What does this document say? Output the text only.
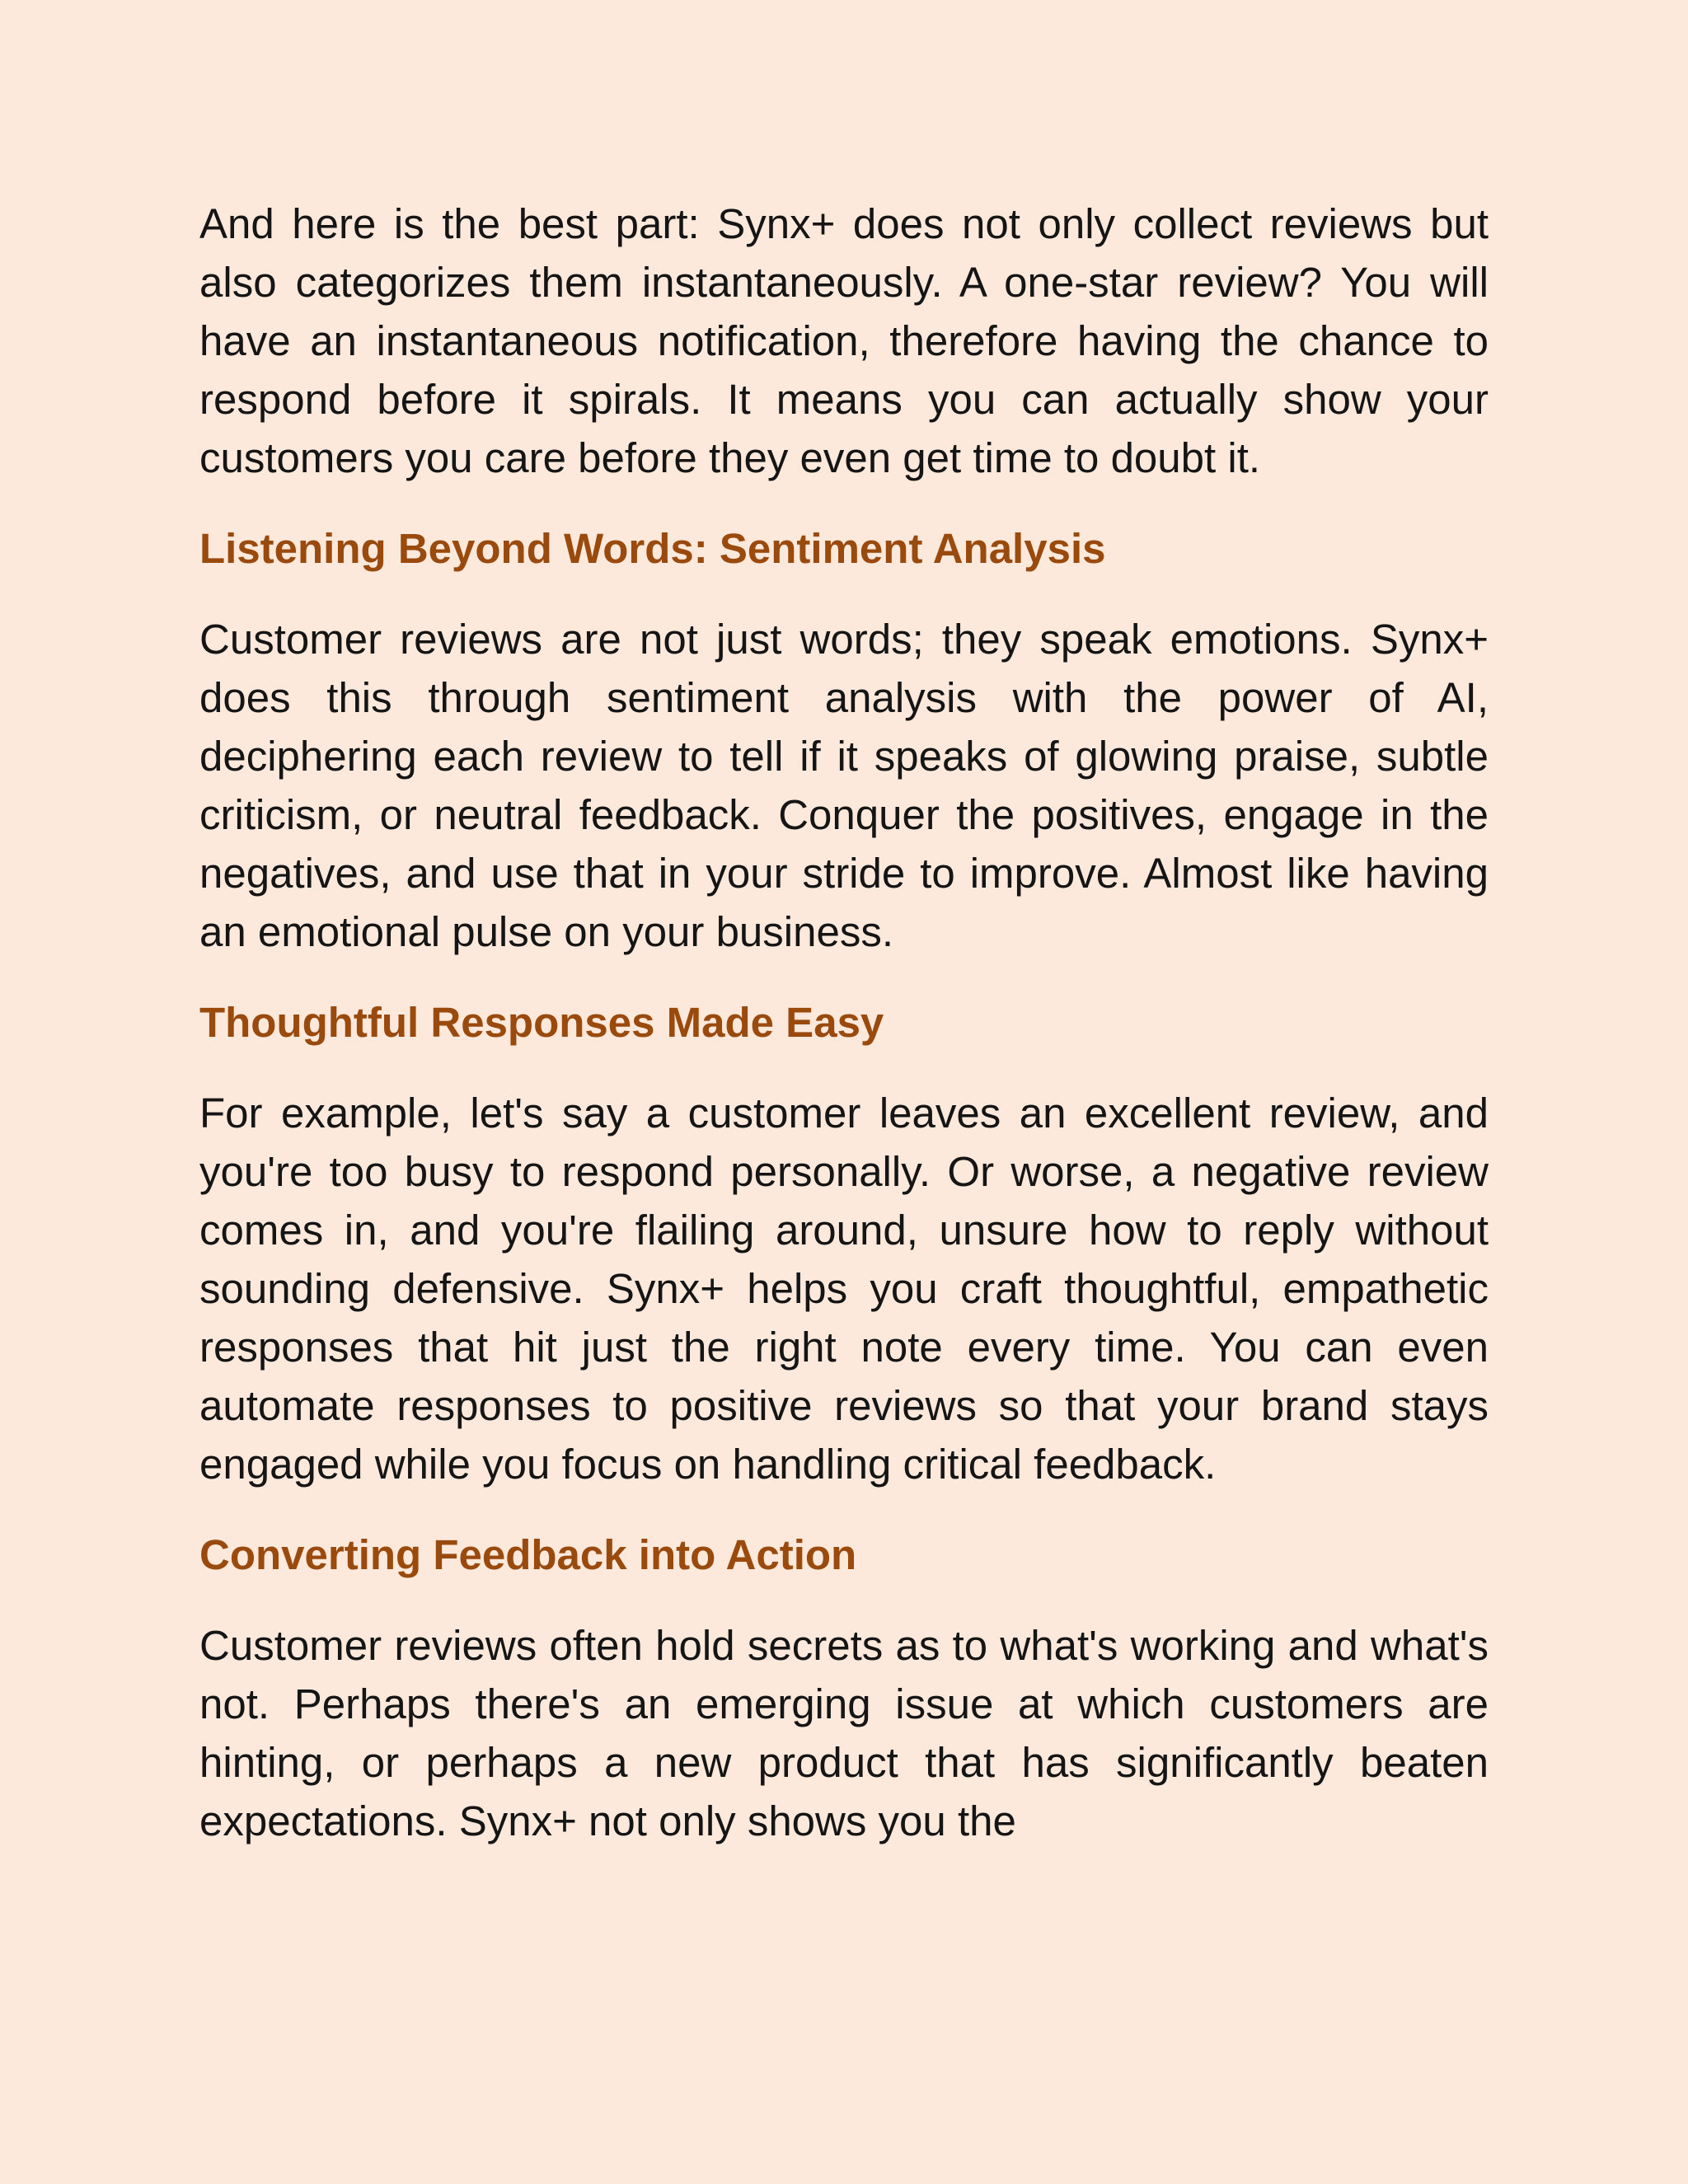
And here is the best part: Synx+ does not only collect reviews but also categorizes them instantaneously. A one-star review? You will have an instantaneous notification, therefore having the chance to respond before it spirals. It means you can actually show your customers you care before they even get time to doubt it.

Listening Beyond Words: Sentiment Analysis

Customer reviews are not just words; they speak emotions. Synx+ does this through sentiment analysis with the power of AI, deciphering each review to tell if it speaks of glowing praise, subtle criticism, or neutral feedback. Conquer the positives, engage in the negatives, and use that in your stride to improve. Almost like having an emotional pulse on your business.

Thoughtful Responses Made Easy

For example, let's say a customer leaves an excellent review, and you're too busy to respond personally. Or worse, a negative review comes in, and you're flailing around, unsure how to reply without sounding defensive. Synx+ helps you craft thoughtful, empathetic responses that hit just the right note every time. You can even automate responses to positive reviews so that your brand stays engaged while you focus on handling critical feedback.

Converting Feedback into Action

Customer reviews often hold secrets as to what's working and what's not. Perhaps there's an emerging issue at which customers are hinting, or perhaps a new product that has significantly beaten expectations. Synx+ not only shows you the
